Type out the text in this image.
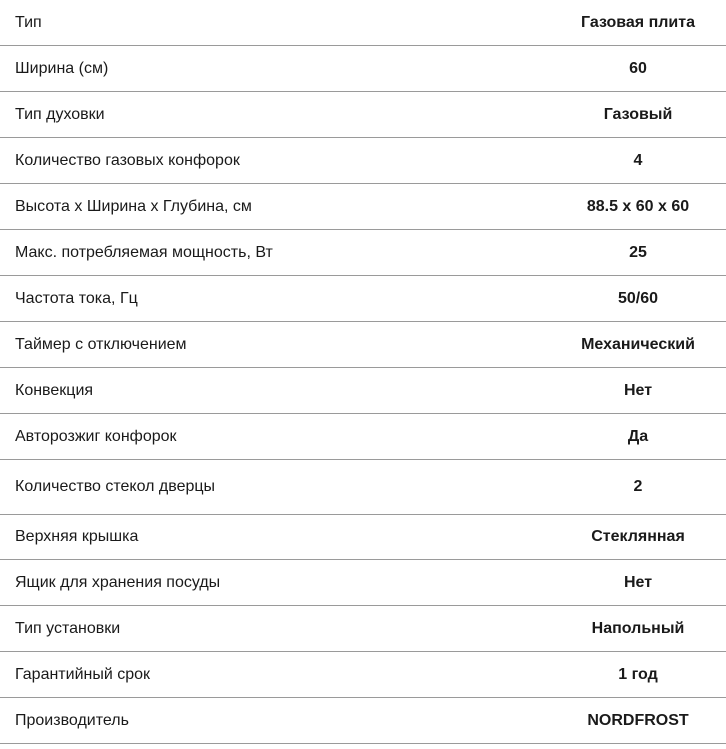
Тип	Газовая плита
Ширина (см)	60
Тип духовки	Газовый
Количество газовых конфорок	4
Высота x Ширина x Глубина, см	88.5 x 60 x 60
Макс. потребляемая мощность, Вт	25
Частота тока, Гц	50/60
Таймер с отключением	Механический
Конвекция	Нет
Авторозжиг конфорок	Да
Количество стекол дверцы	2
Верхняя крышка	Стеклянная
Ящик для хранения посуды	Нет
Тип установки	Напольный
Гарантийный срок	1 год
Производитель	NORDFROST
